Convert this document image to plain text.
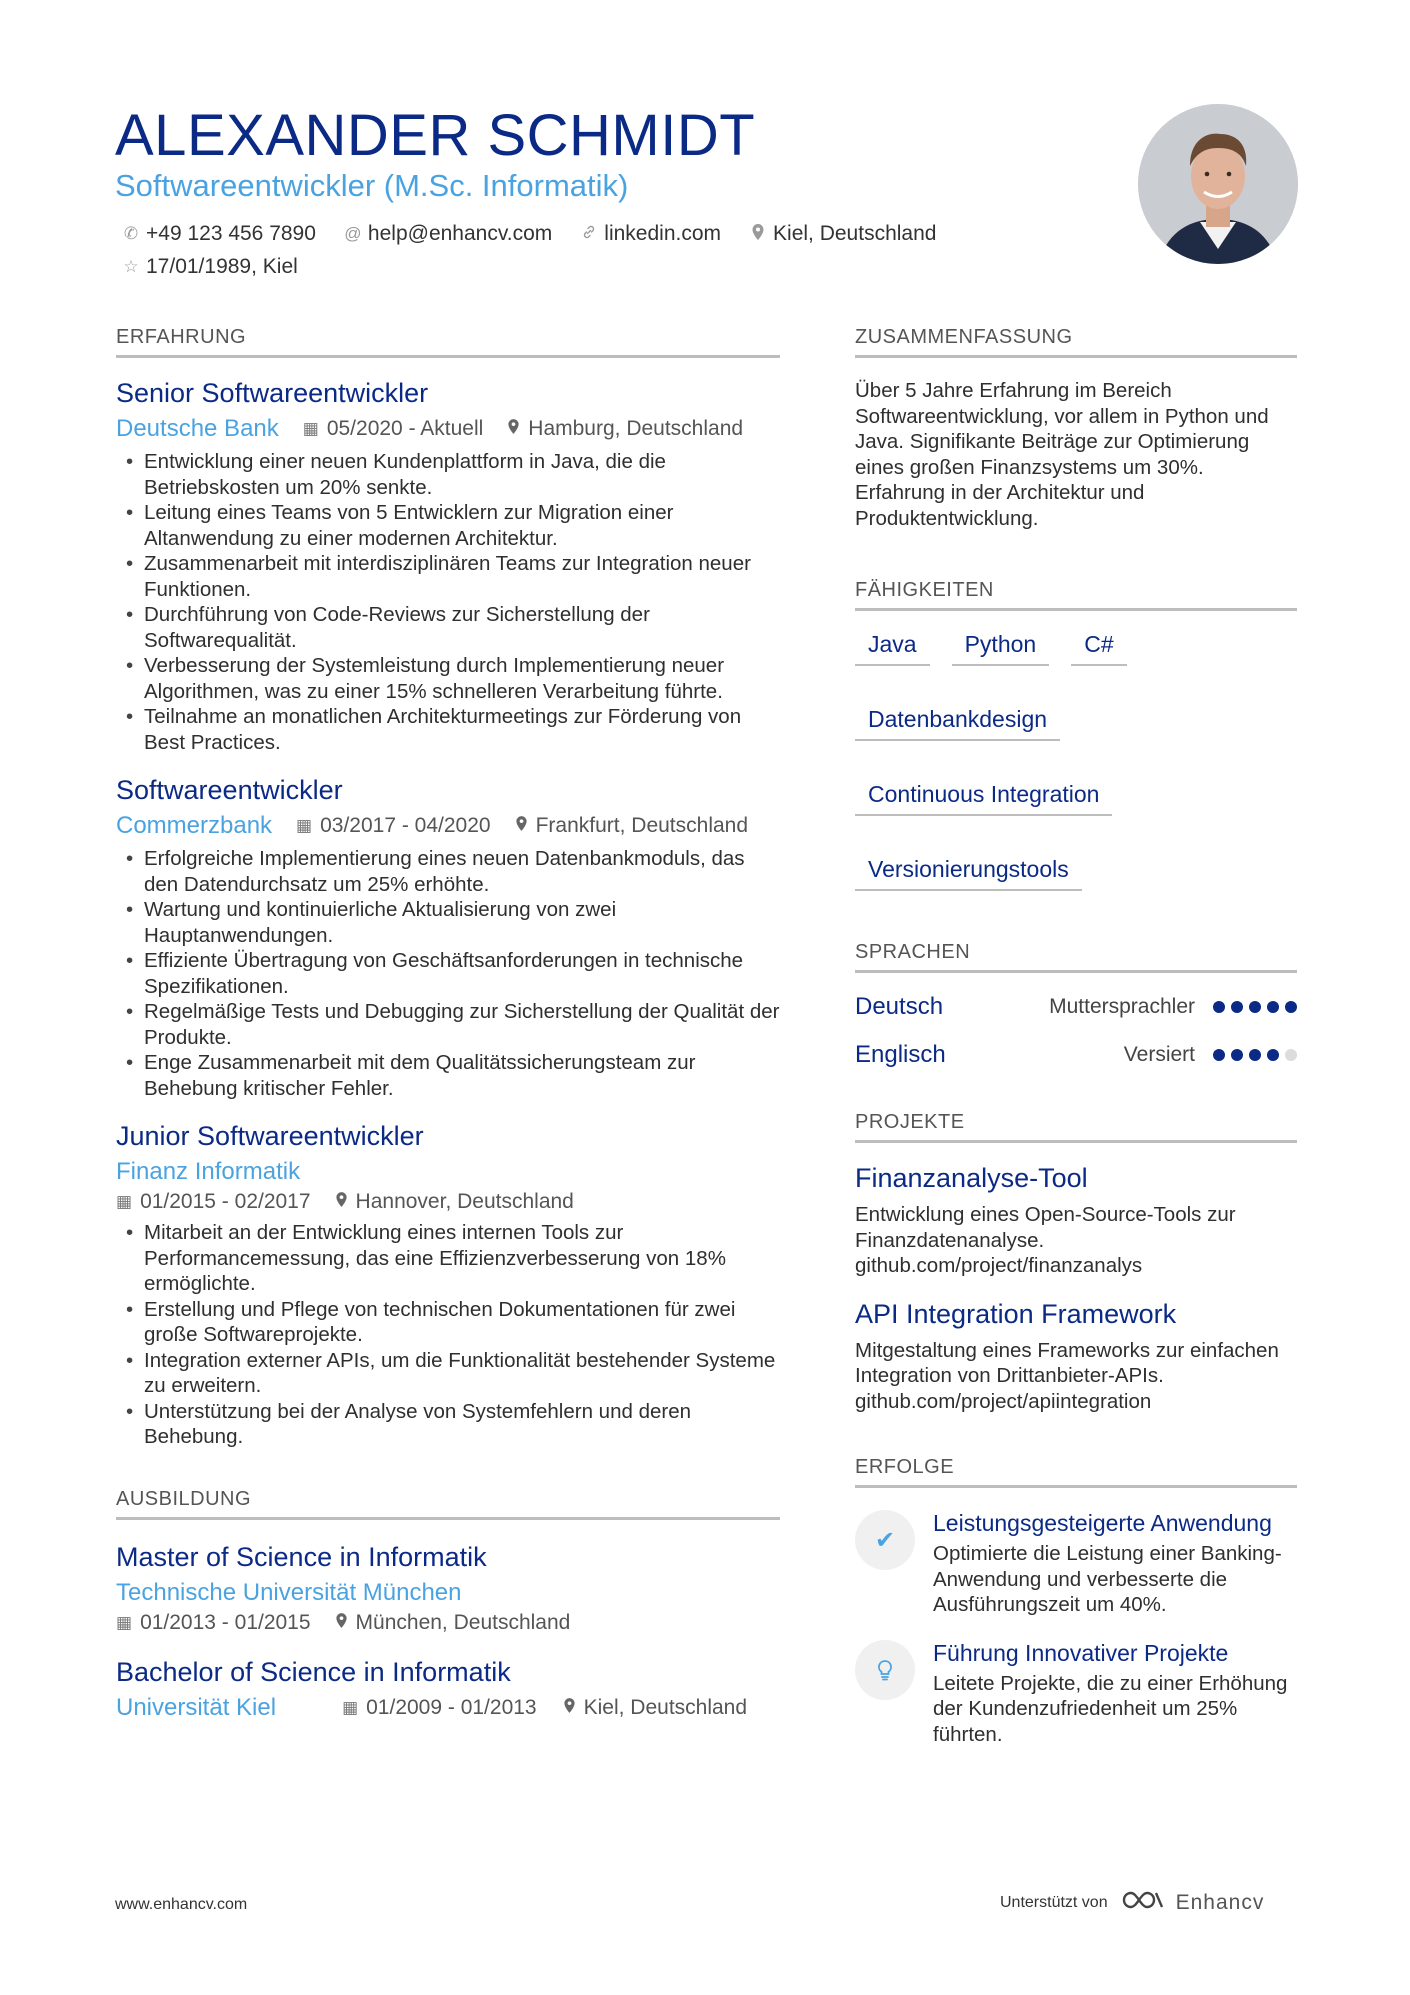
ALEXANDER SCHMIDT
Softwareentwickler (M.Sc. Informatik)
✆ +49 123 456 7890 @ help@enhancv.com linkedin.com Kiel, Deutschland
☆ 17/01/1989, Kiel
ERFAHRUNG
Senior Softwareentwickler
Deutsche Bank ▦ 05/2020 - Aktuell Hamburg, Deutschland
• Entwicklung einer neuen Kundenplattform in Java, die die Betriebskosten um 20% senkte.
• Leitung eines Teams von 5 Entwicklern zur Migration einer Altanwendung zu einer modernen Architektur.
• Zusammenarbeit mit interdisziplinären Teams zur Integration neuer Funktionen.
• Durchführung von Code-Reviews zur Sicherstellung der Softwarequalität.
• Verbesserung der Systemleistung durch Implementierung neuer Algorithmen, was zu einer 15% schnelleren Verarbeitung führte.
• Teilnahme an monatlichen Architekturmeetings zur Förderung von Best Practices.
Softwareentwickler
Commerzbank ▦ 03/2017 - 04/2020 Frankfurt, Deutschland
• Erfolgreiche Implementierung eines neuen Datenbankmoduls, das den Datendurchsatz um 25% erhöhte.
• Wartung und kontinuierliche Aktualisierung von zwei Hauptanwendungen.
• Effiziente Übertragung von Geschäftsanforderungen in technische Spezifikationen.
• Regelmäßige Tests und Debugging zur Sicherstellung der Qualität der Produkte.
• Enge Zusammenarbeit mit dem Qualitätssicherungsteam zur Behebung kritischer Fehler.
Junior Softwareentwickler
Finanz Informatik
▦ 01/2015 - 02/2017 Hannover, Deutschland
• Mitarbeit an der Entwicklung eines internen Tools zur Performancemessung, das eine Effizienzverbesserung von 18% ermöglichte.
• Erstellung und Pflege von technischen Dokumentationen für zwei große Softwareprojekte.
• Integration externer APIs, um die Funktionalität bestehender Systeme zu erweitern.
• Unterstützung bei der Analyse von Systemfehlern und deren Behebung.
AUSBILDUNG
Master of Science in Informatik
Technische Universität München
▦ 01/2013 - 01/2015 München, Deutschland
Bachelor of Science in Informatik
Universität Kiel	▦ 01/2009 - 01/2013 Kiel, Deutschland
ZUSAMMENFASSUNG
Über 5 Jahre Erfahrung im Bereich Softwareentwicklung, vor allem in Python und Java. Signifikante Beiträge zur Optimierung eines großen Finanzsystems um 30%. Erfahrung in der Architektur und Produktentwicklung.
FÄHIGKEITEN
Java	Python	C#
Datenbankdesign
Continuous Integration
Versionierungstools
SPRACHEN
Deutsch	Muttersprachler
Englisch	Versiert
PROJEKTE
Finanzanalyse-Tool
Entwicklung eines Open-Source-Tools zur Finanzdatenanalyse. github.com/project/finanzanalys
API Integration Framework
Mitgestaltung eines Frameworks zur einfachen Integration von Drittanbieter-APIs. github.com/project/apiintegration
ERFOLGE
✔
Leistungsgesteigerte Anwendung
Optimierte die Leistung einer Banking-Anwendung und verbesserte die Ausführungszeit um 40%.
Führung Innovativer Projekte
Leitete Projekte, die zu einer Erhöhung der Kundenzufriedenheit um 25% führten.
www.enhancv.com	Unterstützt von	Enhancv
